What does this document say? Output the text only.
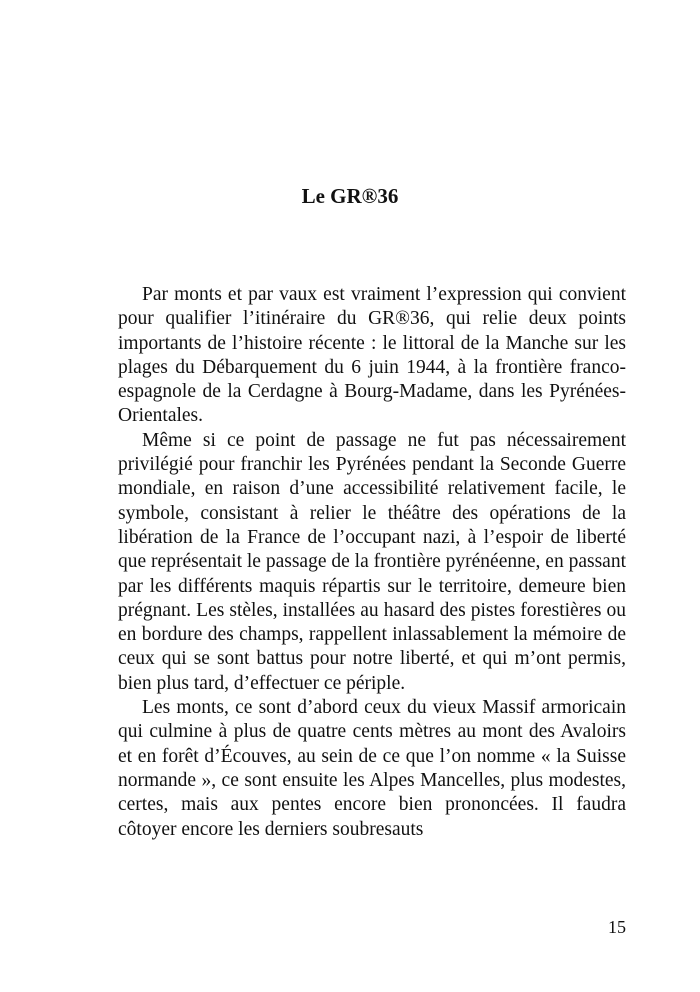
Le GR®36

Par monts et par vaux est vraiment l’expression qui convient pour qualifier l’itinéraire du GR®36, qui relie deux points importants de l’histoire récente : le littoral de la Manche sur les plages du Débarquement du 6 juin 1944, à la frontière franco-espagnole de la Cerdagne à Bourg-Madame, dans les Pyrénées-Orientales.

Même si ce point de passage ne fut pas nécessairement privilégié pour franchir les Pyrénées pendant la Seconde Guerre mondiale, en raison d’une accessibilité relativement facile, le symbole, consistant à relier le théâtre des opérations de la libération de la France de l’occupant nazi, à l’espoir de liberté que représentait le passage de la frontière pyrénéenne, en passant par les différents maquis répartis sur le territoire, demeure bien prégnant. Les stèles, installées au hasard des pistes forestières ou en bordure des champs, rappellent inlassablement la mémoire de ceux qui se sont battus pour notre liberté, et qui m’ont permis, bien plus tard, d’effectuer ce périple.

Les monts, ce sont d’abord ceux du vieux Massif armoricain qui culmine à plus de quatre cents mètres au mont des Avaloirs et en forêt d’Écouves, au sein de ce que l’on nomme « la Suisse normande », ce sont ensuite les Alpes Mancelles, plus modestes, certes, mais aux pentes encore bien prononcées. Il faudra côtoyer encore les derniers soubresauts

15
